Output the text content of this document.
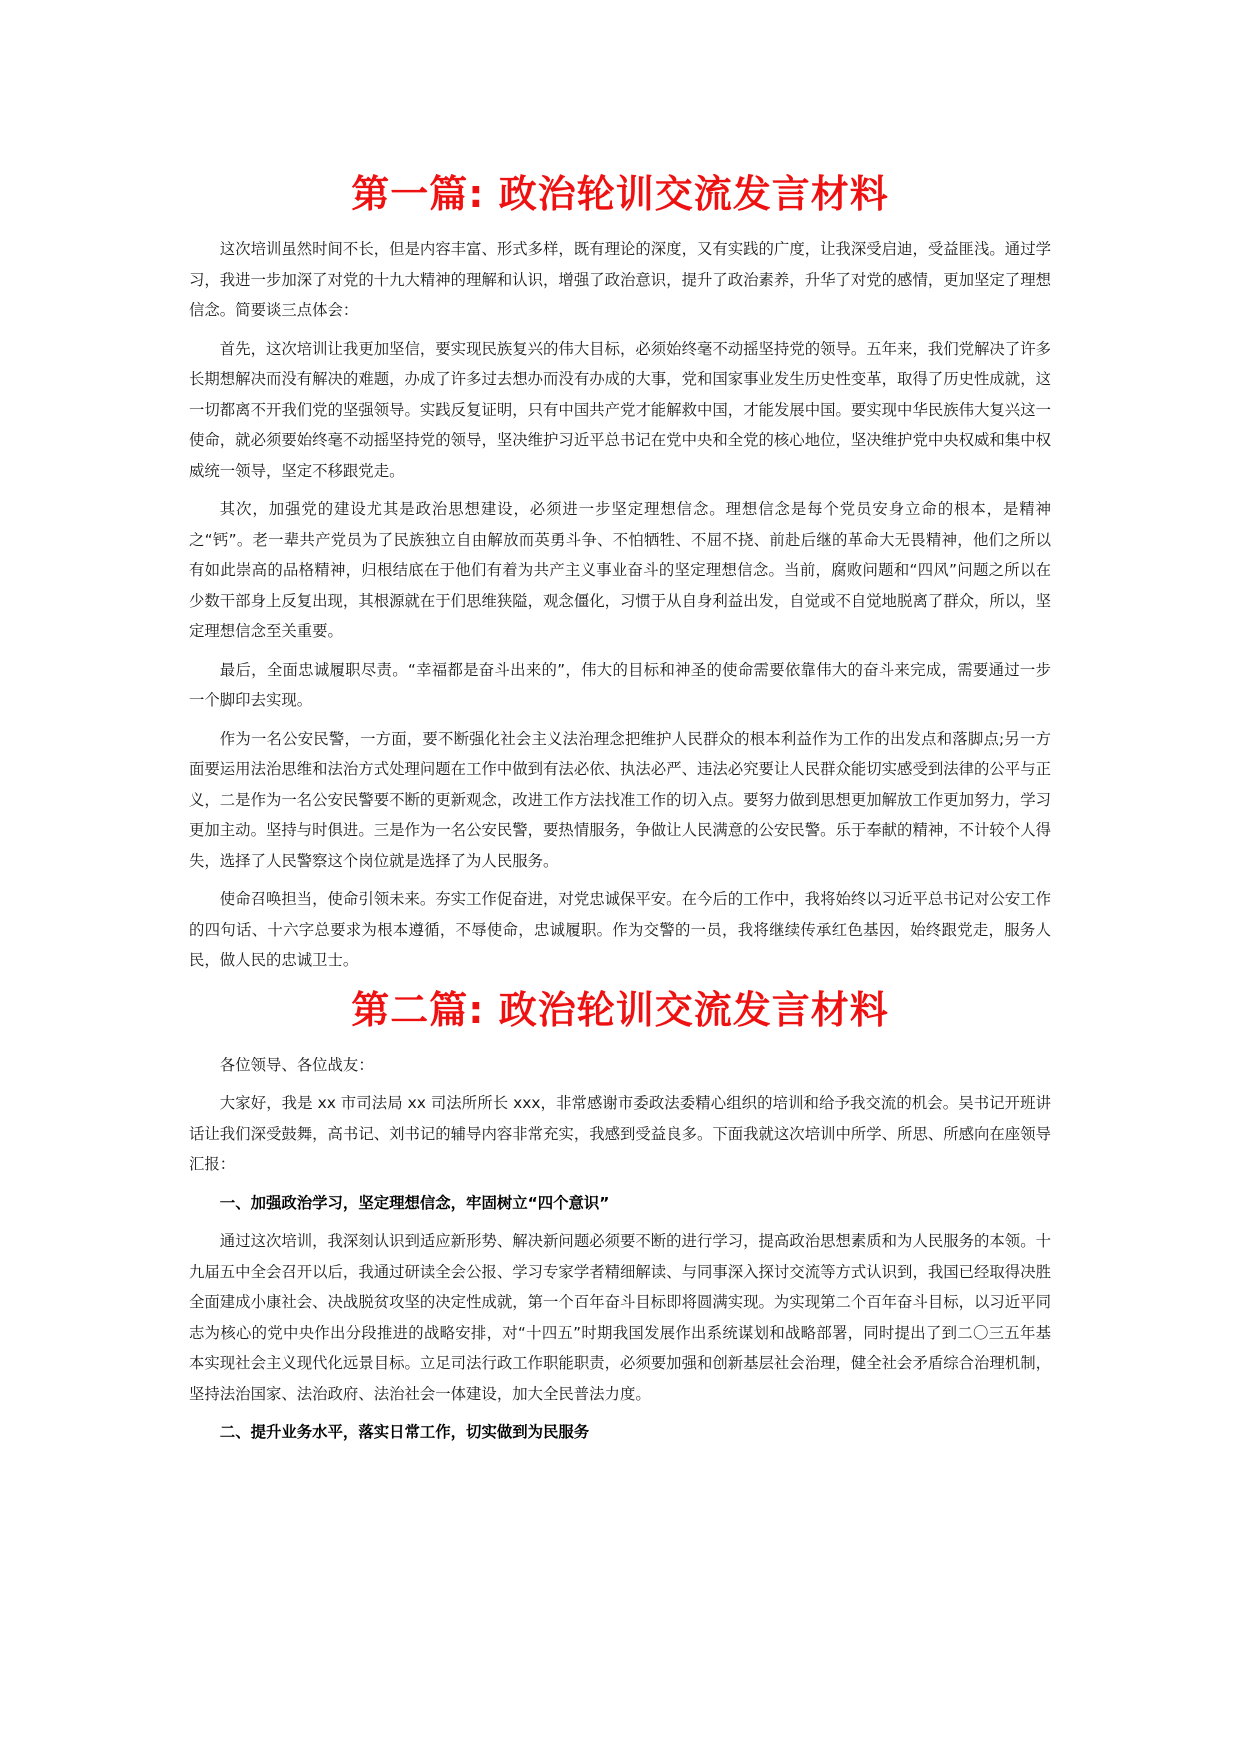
第一篇: 政治轮训交流发言材料

这次培训虽然时间不长，但是内容丰富、形式多样，既有理论的深度，又有实践的广度，让我深受启迪，受益匪浅。通过学习，我进一步加深了对党的十九大精神的理解和认识，增强了政治意识，提升了政治素养，升华了对党的感情，更加坚定了理想信念。简要谈三点体会：

首先，这次培训让我更加坚信，要实现民族复兴的伟大目标，必须始终毫不动摇坚持党的领导。五年来，我们党解决了许多长期想解决而没有解决的难题，办成了许多过去想办而没有办成的大事，党和国家事业发生历史性变革，取得了历史性成就，这一切都离不开我们党的坚强领导。实践反复证明，只有中国共产党才能解救中国，才能发展中国。要实现中华民族伟大复兴这一使命，就必须要始终毫不动摇坚持党的领导，坚决维护习近平总书记在党中央和全党的核心地位，坚决维护党中央权威和集中权威统一领导，坚定不移跟党走。

其次，加强党的建设尤其是政治思想建设，必须进一步坚定理想信念。理想信念是每个党员安身立命的根本，是精神之“钙”。老一辈共产党员为了民族独立自由解放而英勇斗争、不怕牺牲、不屈不挠、前赴后继的革命大无畏精神，他们之所以有如此崇高的品格精神，归根结底在于他们有着为共产主义事业奋斗的坚定理想信念。当前，腐败问题和“四风”问题之所以在少数干部身上反复出现，其根源就在于们思维狭隘，观念僵化，习惯于从自身利益出发，自觉或不自觉地脱离了群众，所以，坚定理想信念至关重要。

最后，全面忠诚履职尽责。“幸福都是奋斗出来的”，伟大的目标和神圣的使命需要依靠伟大的奋斗来完成，需要通过一步一个脚印去实现。

作为一名公安民警，一方面，要不断强化社会主义法治理念把维护人民群众的根本利益作为工作的出发点和落脚点;另一方面要运用法治思维和法治方式处理问题在工作中做到有法必依、执法必严、违法必究要让人民群众能切实感受到法律的公平与正义，二是作为一名公安民警要不断的更新观念，改进工作方法找准工作的切入点。要努力做到思想更加解放工作更加努力，学习更加主动。坚持与时俱进。三是作为一名公安民警，要热情服务，争做让人民满意的公安民警。乐于奉献的精神，不计较个人得失，选择了人民警察这个岗位就是选择了为人民服务。

使命召唤担当，使命引领未来。夯实工作促奋进，对党忠诚保平安。在今后的工作中，我将始终以习近平总书记对公安工作的四句话、十六字总要求为根本遵循，不辱使命，忠诚履职。作为交警的一员，我将继续传承红色基因，始终跟党走，服务人民，做人民的忠诚卫士。

第二篇: 政治轮训交流发言材料

各位领导、各位战友：

大家好，我是 xx 市司法局 xx 司法所所长 xxx，非常感谢市委政法委精心组织的培训和给予我交流的机会。吴书记开班讲话让我们深受鼓舞，高书记、刘书记的辅导内容非常充实，我感到受益良多。下面我就这次培训中所学、所思、所感向在座领导汇报：

一、加强政治学习，坚定理想信念，牢固树立“四个意识”

通过这次培训，我深刻认识到适应新形势、解决新问题必须要不断的进行学习，提高政治思想素质和为人民服务的本领。十九届五中全会召开以后，我通过研读全会公报、学习专家学者精细解读、与同事深入探讨交流等方式认识到，我国已经取得决胜全面建成小康社会、决战脱贫攻坚的决定性成就，第一个百年奋斗目标即将圆满实现。为实现第二个百年奋斗目标，以习近平同志为核心的党中央作出分段推进的战略安排，对“十四五”时期我国发展作出系统谋划和战略部署，同时提出了到二〇三五年基本实现社会主义现代化远景目标。立足司法行政工作职能职责，必须要加强和创新基层社会治理，健全社会矛盾综合治理机制，坚持法治国家、法治政府、法治社会一体建设，加大全民普法力度。

二、提升业务水平，落实日常工作，切实做到为民服务
